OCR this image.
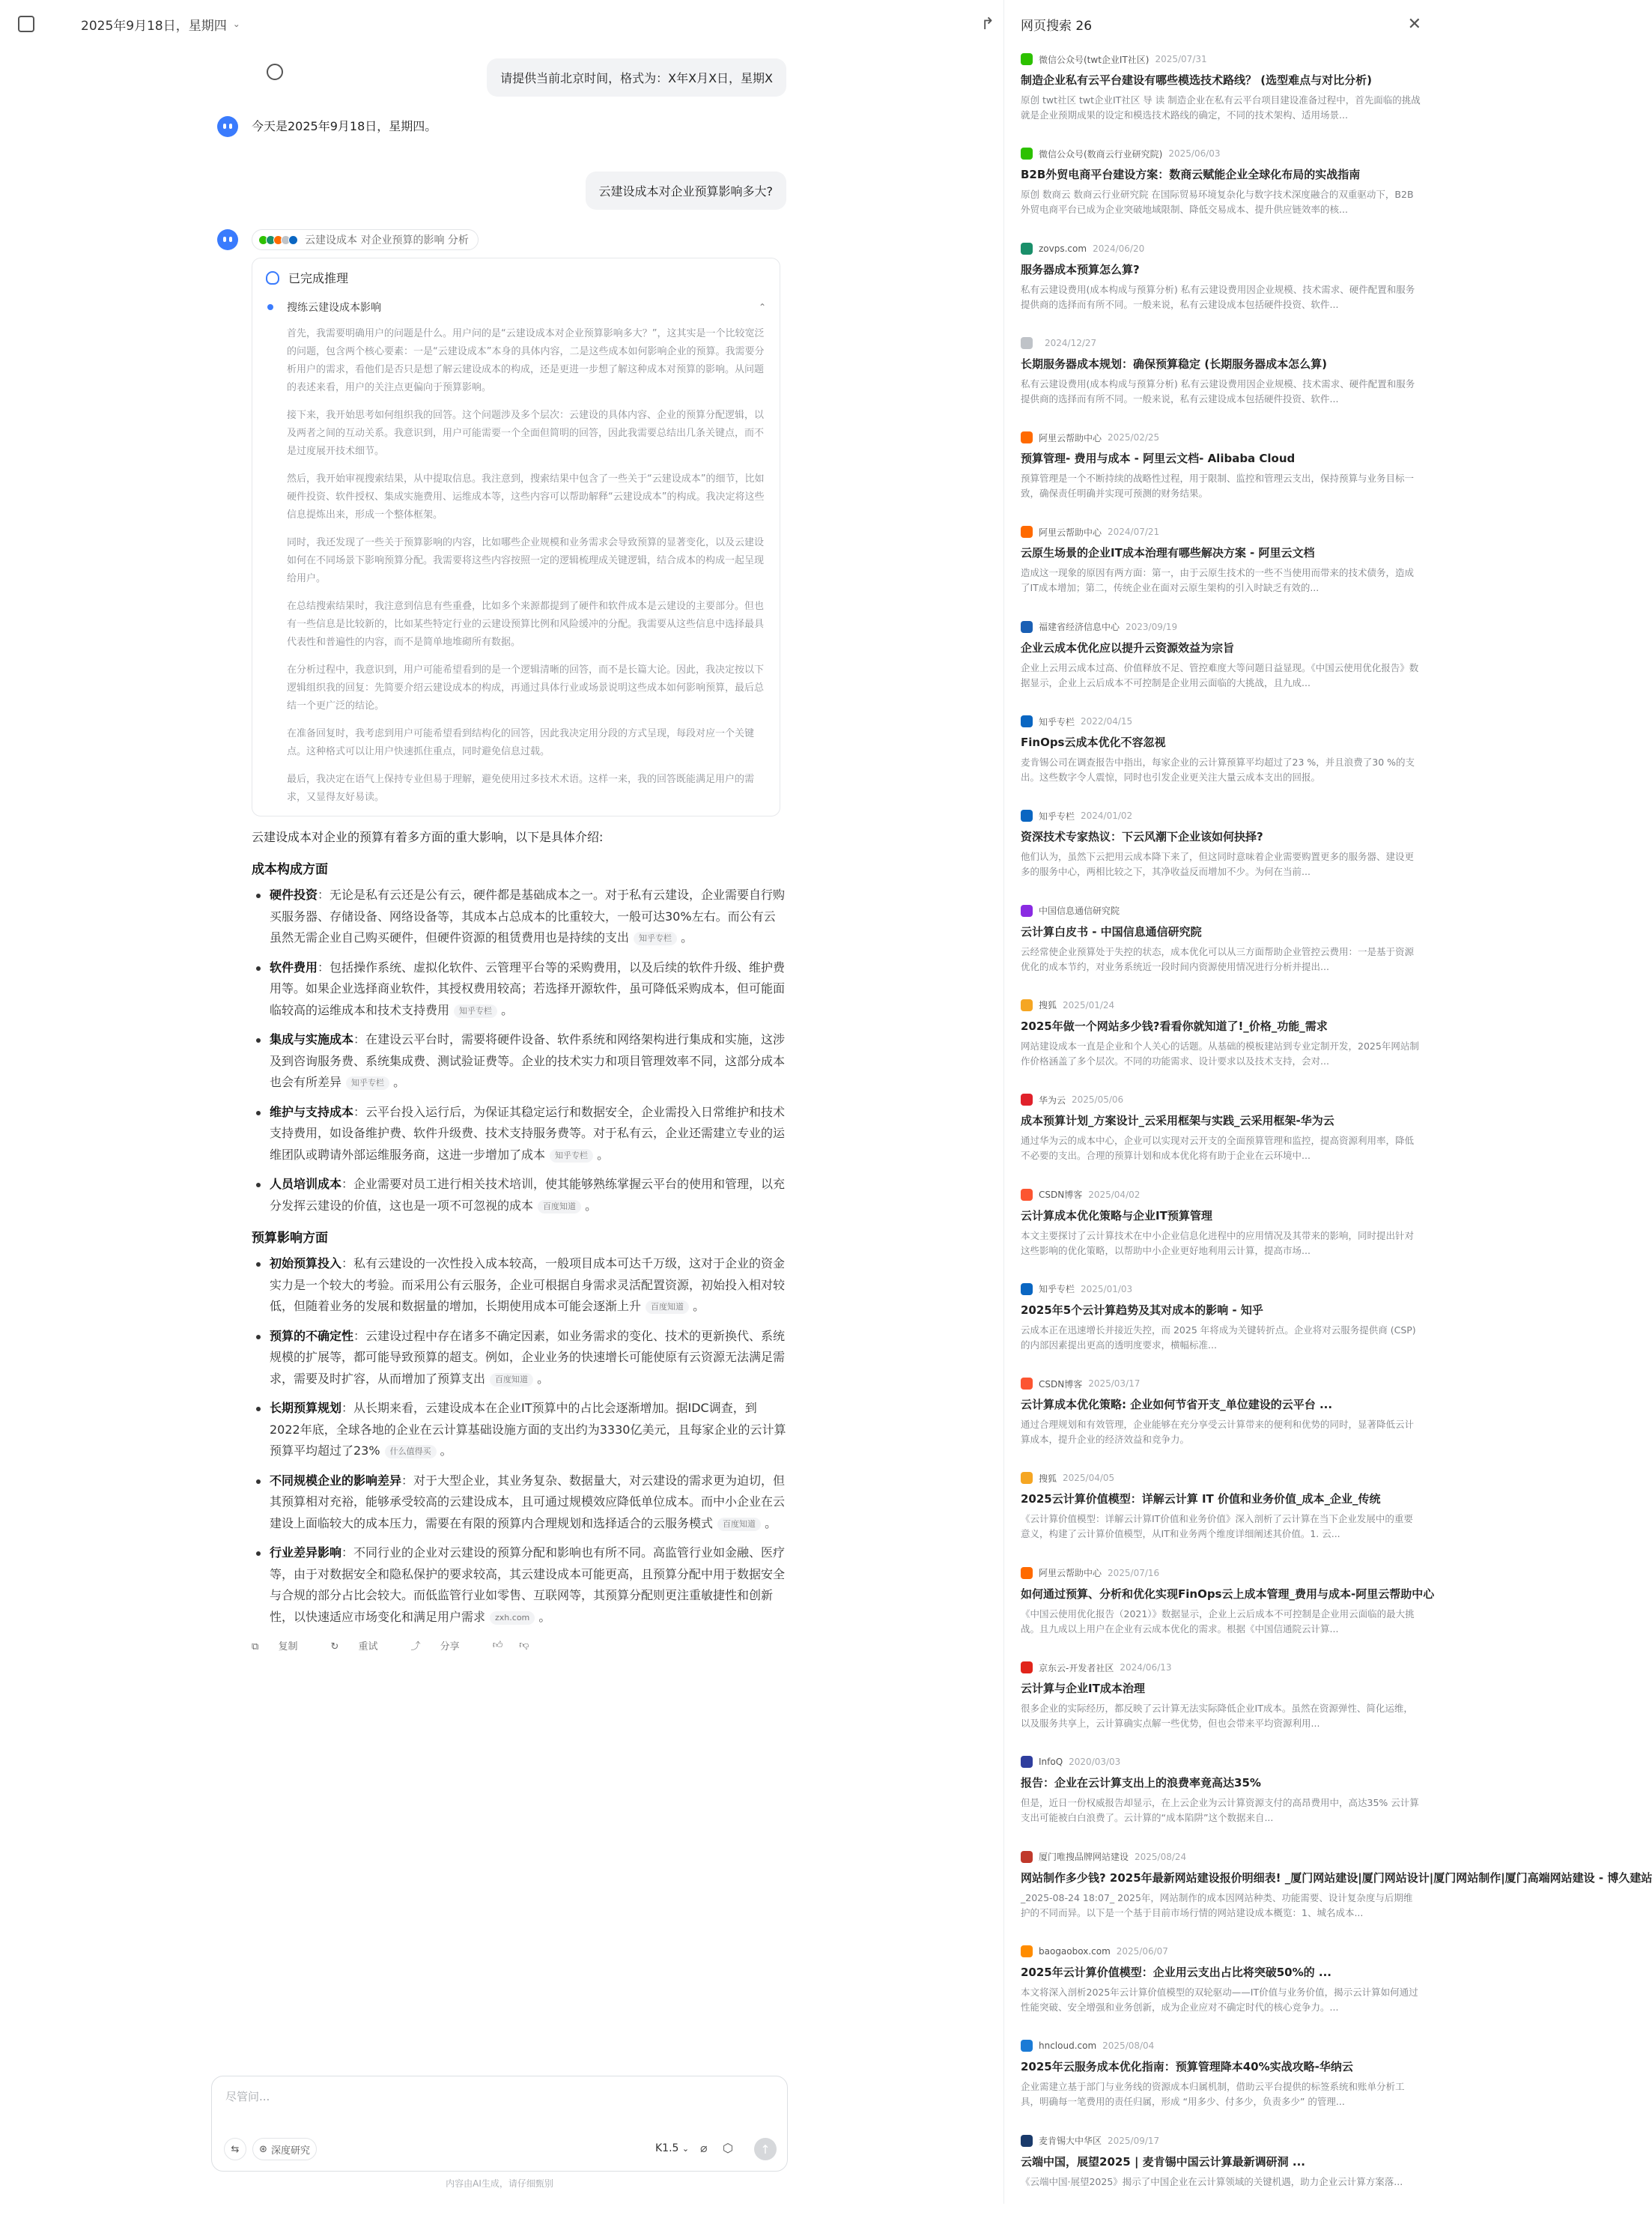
2025年9月18日，星期四 ⌄	↱
请提供当前北京时间，格式为：X年X月X日，星期X
今天是2025年9月18日，星期四。
云建设成本对企业预算影响多大?
云建设成本 对企业预算的影响 分析
已完成推理
搜练云建设成本影响	⌃

首先，我需要明确用户的问题是什么。用户问的是“云建设成本对企业预算影响多大？”，这其实是一个比较宽泛的问题，包含两个核心要素：一是“云建设成本”本身的具体内容，二是这些成本如何影响企业的预算。我需要分析用户的需求，看他们是否只是想了解云建设成本的构成，还是更进一步想了解这种成本对预算的影响。从问题的表述来看，用户的关注点更偏向于预算影响。

接下来，我开始思考如何组织我的回答。这个问题涉及多个层次：云建设的具体内容、企业的预算分配逻辑，以及两者之间的互动关系。我意识到，用户可能需要一个全面但简明的回答，因此我需要总结出几条关键点，而不是过度展开技术细节。

然后，我开始审视搜索结果，从中提取信息。我注意到，搜索结果中包含了一些关于“云建设成本”的细节，比如硬件投资、软件授权、集成实施费用、运维成本等，这些内容可以帮助解释“云建设成本”的构成。我决定将这些信息提炼出来，形成一个整体框架。

同时，我还发现了一些关于预算影响的内容，比如哪些企业规模和业务需求会导致预算的显著变化，以及云建设如何在不同场景下影响预算分配。我需要将这些内容按照一定的逻辑梳理成关键逻辑，结合成本的构成一起呈现给用户。

在总结搜索结果时，我注意到信息有些重叠，比如多个来源都提到了硬件和软件成本是云建设的主要部分。但也有一些信息是比较新的，比如某些特定行业的云建设预算比例和风险缓冲的分配。我需要从这些信息中选择最具代表性和普遍性的内容，而不是简单地堆砌所有数据。

在分析过程中，我意识到，用户可能希望看到的是一个逻辑清晰的回答，而不是长篇大论。因此，我决定按以下逻辑组织我的回复：先简要介绍云建设成本的构成，再通过具体行业或场景说明这些成本如何影响预算，最后总结一个更广泛的结论。

在准备回复时，我考虑到用户可能希望看到结构化的回答，因此我决定用分段的方式呈现，每段对应一个关键点。这种格式可以让用户快速抓住重点，同时避免信息过载。

最后，我决定在语气上保持专业但易于理解，避免使用过多技术术语。这样一来，我的回答既能满足用户的需求，又显得友好易读。

云建设成本对企业的预算有着多方面的重大影响，以下是具体介绍:
成本构成方面
硬件投资：无论是私有云还是公有云，硬件都是基础成本之一。对于私有云建设，企业需要自行购买服务器、存储设备、网络设备等，其成本占总成本的比重较大，一般可达30%左右。而公有云虽然无需企业自己购买硬件，但硬件资源的租赁费用也是持续的支出 知乎专栏 。
软件费用：包括操作系统、虚拟化软件、云管理平台等的采购费用，以及后续的软件升级、维护费用等。如果企业选择商业软件，其授权费用较高；若选择开源软件，虽可降低采购成本，但可能面临较高的运维成本和技术支持费用 知乎专栏 。
集成与实施成本：在建设云平台时，需要将硬件设备、软件系统和网络架构进行集成和实施，这涉及到咨询服务费、系统集成费、测试验证费等。企业的技术实力和项目管理效率不同，这部分成本也会有所差异 知乎专栏 。
维护与支持成本：云平台投入运行后，为保证其稳定运行和数据安全，企业需投入日常维护和技术支持费用，如设备维护费、软件升级费、技术支持服务费等。对于私有云，企业还需建立专业的运维团队或聘请外部运维服务商，这进一步增加了成本 知乎专栏 。
人员培训成本：企业需要对员工进行相关技术培训，使其能够熟练掌握云平台的使用和管理，以充分发挥云建设的价值，这也是一项不可忽视的成本 百度知道 。
预算影响方面
初始预算投入：私有云建设的一次性投入成本较高，一般项目成本可达千万级，这对于企业的资金实力是一个较大的考验。而采用公有云服务，企业可根据自身需求灵活配置资源，初始投入相对较低，但随着业务的发展和数据量的增加，长期使用成本可能会逐渐上升 百度知道 。
预算的不确定性：云建设过程中存在诸多不确定因素，如业务需求的变化、技术的更新换代、系统规模的扩展等，都可能导致预算的超支。例如，企业业务的快速增长可能使原有云资源无法满足需求，需要及时扩容，从而增加了预算支出 百度知道 。
长期预算规划：从长期来看，云建设成本在企业IT预算中的占比会逐渐增加。据IDC调查，到2022年底，全球各地的企业在云计算基础设施方面的支出约为3330亿美元，且每家企业的云计算预算平均超过了23% 什么值得买 。
不同规模企业的影响差异：对于大型企业，其业务复杂、数据量大，对云建设的需求更为迫切，但其预算相对充裕，能够承受较高的云建设成本，且可通过规模效应降低单位成本。而中小企业在云建设上面临较大的成本压力，需要在有限的预算内合理规划和选择适合的云服务模式 百度知道 。
行业差异影响：不同行业的企业对云建设的预算分配和影响也有所不同。高监管行业如金融、医疗等，由于对数据安全和隐私保护的要求较高，其云建设成本可能更高，且预算分配中用于数据安全与合规的部分占比会较大。而低监管行业如零售、互联网等，其预算分配则更注重敏捷性和创新性，以快速适应市场变化和满足用户需求 zxh.com 。
⧉ 复制	↻ 重试	⤴ 分享	👍︎ 👎︎
尽管问...
⇆ ⊛ 深度研究	K1.5 ⌄ ⌀ ⬡ ↑
内容由AI生成，请仔细甄别
网页搜索 26	✕
微信公众号(twt企业IT社区) 2025/07/31
制造企业私有云平台建设有哪些模选技术路线？ (选型难点与对比分析)
原创 twt社区 twt企业IT社区 导 读 制造企业在私有云平台项目建设准备过程中，首先面临的挑战就是企业预期成果的设定和模选技术路线的确定，不同的技术架构、适用场景...
微信公众号(数商云行业研究院) 2025/06/03
B2B外贸电商平台建设方案：数商云赋能企业全球化布局的实战指南
原创 数商云 数商云行业研究院 在国际贸易环境复杂化与数字技术深度融合的双重驱动下，B2B外贸电商平台已成为企业突破地域限制、降低交易成本、提升供应链效率的核...
zovps.com 2024/06/20
服务器成本预算怎么算?
私有云建设费用(成本构成与预算分析) 私有云建设费用因企业规模、技术需求、硬件配置和服务提供商的选择而有所不同。一般来说，私有云建设成本包括硬件投资、软件...
2024/12/27
长期服务器成本规划：确保预算稳定 (长期服务器成本怎么算)
私有云建设费用(成本构成与预算分析) 私有云建设费用因企业规模、技术需求、硬件配置和服务提供商的选择而有所不同。一般来说，私有云建设成本包括硬件投资、软件...
阿里云帮助中心 2025/02/25
预算管理- 费用与成本 - 阿里云文档- Alibaba Cloud
预算管理是一个不断持续的战略性过程，用于限制、监控和管理云支出，保持预算与业务目标一致，确保责任明确并实现可预测的财务结果。
阿里云帮助中心 2024/07/21
云原生场景的企业IT成本治理有哪些解决方案 - 阿里云文档
造成这一现象的原因有两方面：第一，由于云原生技术的一些不当使用而带来的技术债务，造成了IT成本增加；第二，传统企业在面对云原生架构的引入时缺乏有效的...
福建省经济信息中心 2023/09/19
企业云成本优化应以提升云资源效益为宗旨
企业上云用云成本过高、价值释放不足、管控难度大等问题日益显现。《中国云使用优化报告》数据显示，企业上云后成本不可控制是企业用云面临的大挑战，且九成...
知乎专栏 2022/04/15
FinOps云成本优化不容忽视
麦肯锡公司在调查报告中指出，每家企业的云计算预算平均超过了23 %，并且浪费了30 %的支出。这些数字令人震惊，同时也引发企业更关注大量云成本支出的回报。
知乎专栏 2024/01/02
资深技术专家热议：下云风潮下企业该如何抉择?
他们认为，虽然下云把用云成本降下来了，但这同时意味着企业需要购置更多的服务器、建设更多的服务中心，两相比较之下，其净收益反而增加不少。为何在当前...
中国信息通信研究院
云计算白皮书 - 中国信息通信研究院
云经常使企业预算处于失控的状态，成本优化可以从三方面帮助企业管控云费用：一是基于资源优化的成本节约，对业务系统近一段时间内资源使用情况进行分析并提出...
搜狐 2025/01/24
2025年做一个网站多少钱?看看你就知道了!_价格_功能_需求
网站建设成本一直是企业和个人关心的话题。从基础的模板建站到专业定制开发，2025年网站制作价格涵盖了多个层次。不同的功能需求、设计要求以及技术支持，会对...
华为云 2025/05/06
成本预算计划_方案设计_云采用框架与实践_云采用框架-华为云
通过华为云的成本中心，企业可以实现对云开支的全面预算管理和监控，提高资源利用率，降低不必要的支出。合理的预算计划和成本优化将有助于企业在云环境中...
CSDN博客 2025/04/02
云计算成本优化策略与企业IT预算管理
本文主要探讨了云计算技术在中小企业信息化进程中的应用情况及其带来的影响，同时提出针对这些影响的优化策略，以帮助中小企业更好地利用云计算，提高市场...
知乎专栏 2025/01/03
2025年5个云计算趋势及其对成本的影响 - 知乎
云成本正在迅速增长并接近失控，而 2025 年将成为关键转折点。企业将对云服务提供商 (CSP) 的内部因素提出更高的透明度要求，横幅标准...
CSDN博客 2025/03/17
云计算成本优化策略: 企业如何节省开支_单位建设的云平台 ...
通过合理规划和有效管理，企业能够在充分享受云计算带来的便利和优势的同时，显著降低云计算成本，提升企业的经济效益和竞争力。
搜狐 2025/04/05
2025云计算价值模型：详解云计算 IT 价值和业务价值_成本_企业_传统
《云计算价值模型：详解云计算IT价值和业务价值》深入剖析了云计算在当下企业发展中的重要意义，构建了云计算价值模型，从IT和业务两个维度详细阐述其价值。1. 云...
阿里云帮助中心 2025/07/16
如何通过预算、分析和优化实现FinOps云上成本管理_费用与成本-阿里云帮助中心
《中国云使用优化报告（2021）》数据显示，企业上云后成本不可控制是企业用云面临的最大挑战。且九成以上用户在企业有云成本优化的需求。根据《中国信通院云计算...
京东云-开发者社区 2024/06/13
云计算与企业IT成本治理
很多企业的实际经历，都反映了云计算无法实际降低企业IT成本。虽然在资源弹性、简化运维，以及服务共享上，云计算确实点解一些优势，但也会带来平均资源利用...
InfoQ 2020/03/03
报告：企业在云计算支出上的浪费率竟高达35%
但是，近日一份权威报告却显示，在上云企业为云计算资源支付的高昂费用中，高达35% 云计算支出可能被白白浪费了。云计算的“成本陷阱”这个数据来自...
厦门唯搜品牌网站建设 2025/08/24
网站制作多少钱? 2025年最新网站建设报价明细表! _厦门网站建设|厦门网站设计|厦门网站制作|厦门高端网站建设 - 博久建站
_2025-08-24 18:07_ 2025年，网站制作的成本因网站种类、功能需要、设计复杂度与后期维护的不同而异。以下是一个基于目前市场行情的网站建设成本概览：1、城名成本...
baogaobox.com 2025/06/07
2025年云计算价值模型：企业用云支出占比将突破50%的 ...
本文将深入剖析2025年云计算价值模型的双轮驱动——IT价值与业务价值，揭示云计算如何通过性能突破、安全增强和业务创新，成为企业应对不确定时代的核心竞争力。...
hncloud.com 2025/08/04
2025年云服务成本优化指南：预算管理降本40%实战攻略-华纳云
企业需建立基于部门与业务线的资源成本归属机制，借助云平台提供的标签系统和账单分析工具，明确每一笔费用的责任归属，形成 “用多少、付多少，负责多少” 的管理...
麦肯锡大中华区 2025/09/17
云端中国，展望2025 | 麦肯锡中国云计算最新调研洞 ...
《云端中国·展望2025》揭示了中国企业在云计算领域的关键机遇，助力企业云计算方案落...
